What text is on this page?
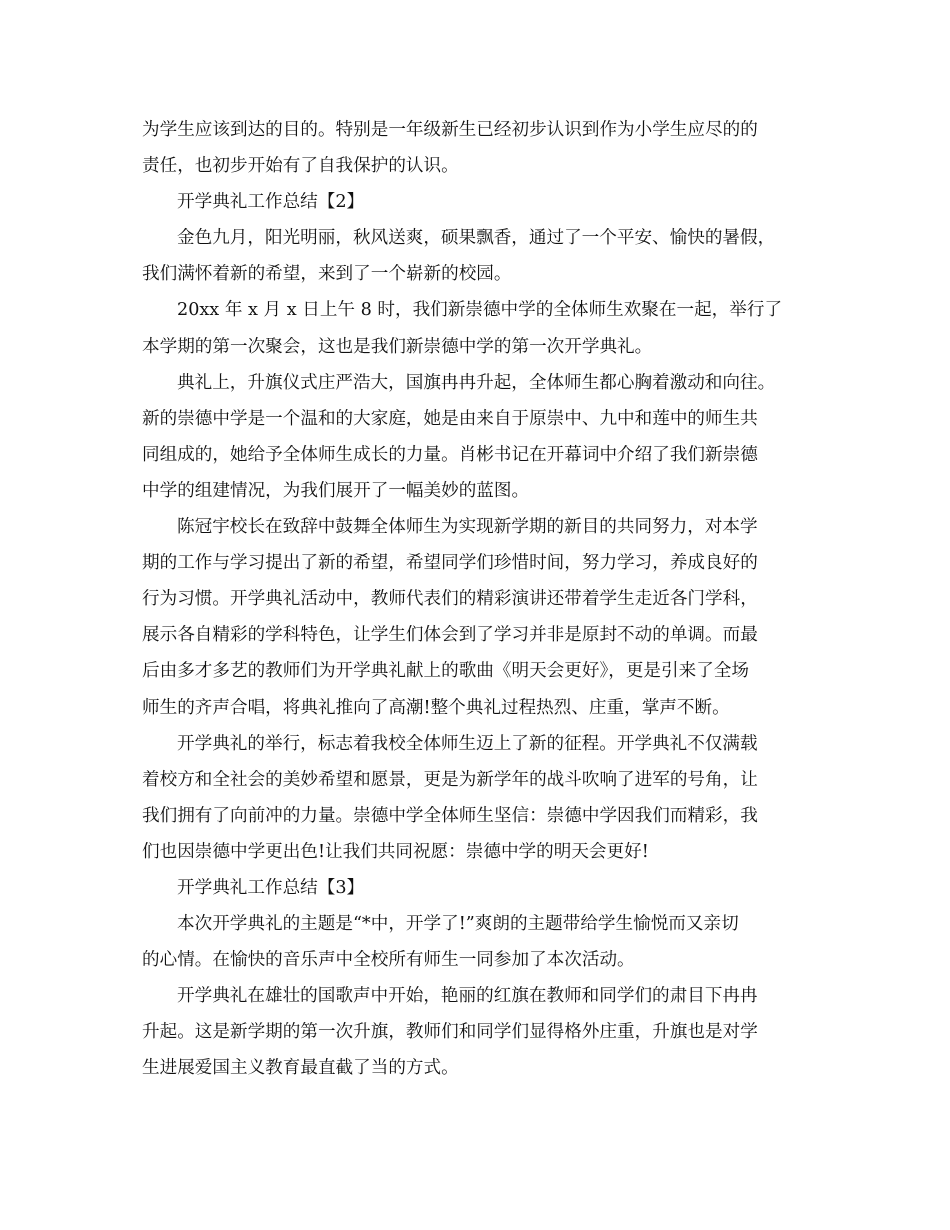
为学生应该到达的目的。特别是一年级新生已经初步认识到作为小学生应尽的的
责任，也初步开始有了自我保护的认识。
开学典礼工作总结【2】
金色九月，阳光明丽，秋风送爽，硕果飘香，通过了一个平安、愉快的暑假，
我们满怀着新的希望，来到了一个崭新的校园。
20xx 年 x 月 x 日上午 8 时，我们新崇德中学的全体师生欢聚在一起，举行了
本学期的第一次聚会，这也是我们新崇德中学的第一次开学典礼。
典礼上，升旗仪式庄严浩大，国旗冉冉升起，全体师生都心胸着激动和向往。
新的崇德中学是一个温和的大家庭，她是由来自于原崇中、九中和莲中的师生共
同组成的，她给予全体师生成长的力量。肖彬书记在开幕词中介绍了我们新崇德
中学的组建情况，为我们展开了一幅美妙的蓝图。
陈冠宇校长在致辞中鼓舞全体师生为实现新学期的新目的共同努力，对本学
期的工作与学习提出了新的希望，希望同学们珍惜时间，努力学习，养成良好的
行为习惯。开学典礼活动中，教师代表们的精彩演讲还带着学生走近各门学科，
展示各自精彩的学科特色，让学生们体会到了学习并非是原封不动的单调。而最
后由多才多艺的教师们为开学典礼献上的歌曲《明天会更好》，更是引来了全场
师生的齐声合唱，将典礼推向了高潮!整个典礼过程热烈、庄重，掌声不断。
开学典礼的举行，标志着我校全体师生迈上了新的征程。开学典礼不仅满载
着校方和全社会的美妙希望和愿景，更是为新学年的战斗吹响了进军的号角，让
我们拥有了向前冲的力量。崇德中学全体师生坚信：崇德中学因我们而精彩，我
们也因崇德中学更出色!让我们共同祝愿：崇德中学的明天会更好!
开学典礼工作总结【3】
本次开学典礼的主题是“*中，开学了!”爽朗的主题带给学生愉悦而又亲切
的心情。在愉快的音乐声中全校所有师生一同参加了本次活动。
开学典礼在雄壮的国歌声中开始，艳丽的红旗在教师和同学们的肃目下冉冉
升起。这是新学期的第一次升旗，教师们和同学们显得格外庄重，升旗也是对学
生进展爱国主义教育最直截了当的方式。
